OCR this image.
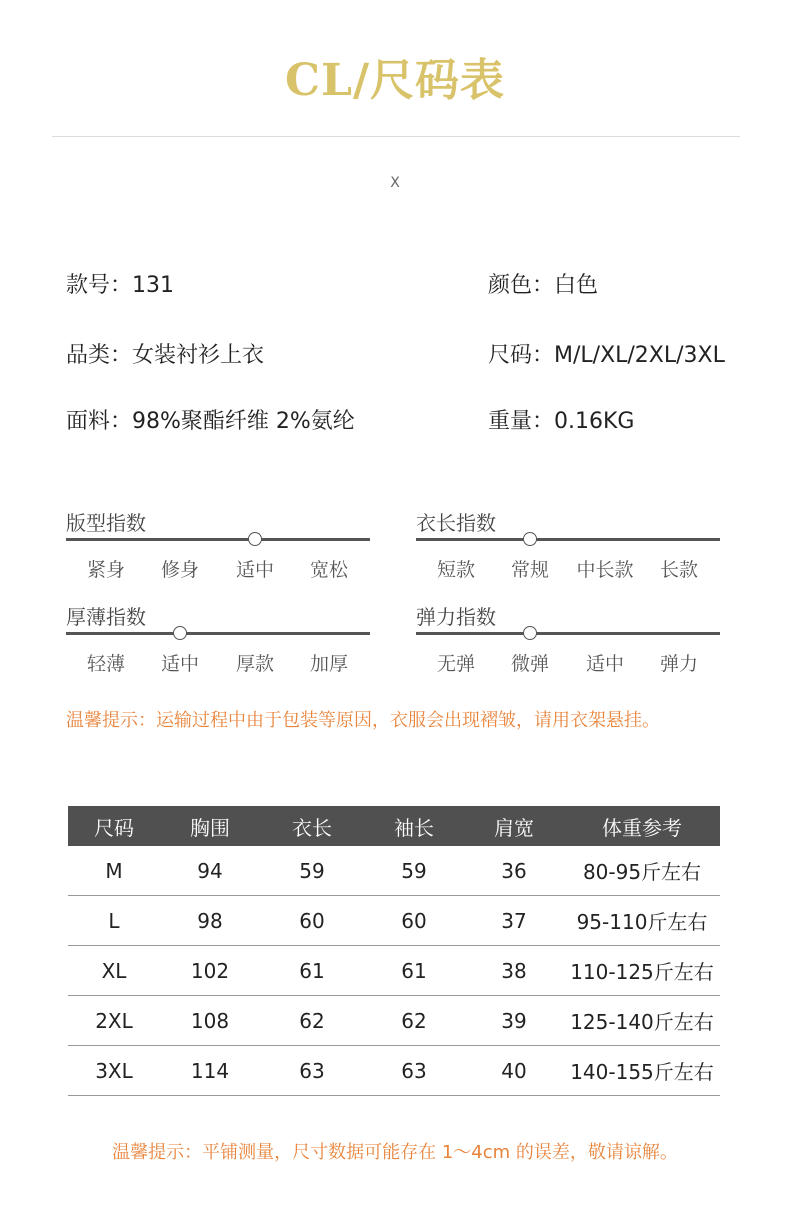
CL/尺码表
X
款号：131	颜色：白色
品类：女装衬衫上衣	尺码：M/L/XL/2XL/3XL
面料：98%聚酯纤维 2%氨纶	重量：0.16KG
版型指数
紧身	修身	适中	宽松
衣长指数
短款	常规	中长款	长款
厚薄指数
轻薄	适中	厚款	加厚
弹力指数
无弹	微弹	适中	弹力
温馨提示：运输过程中由于包装等原因，衣服会出现褶皱，请用衣架悬挂。
尺码	胸围	衣长	袖长	肩宽	体重参考
M	94	59	59	36	80-95斤左右
L	98	60	60	37	95-110斤左右
XL	102	61	61	38	110-125斤左右
2XL	108	62	62	39	125-140斤左右
3XL	114	63	63	40	140-155斤左右
温馨提示：平铺测量，尺寸数据可能存在 1～4cm 的误差，敬请谅解。
